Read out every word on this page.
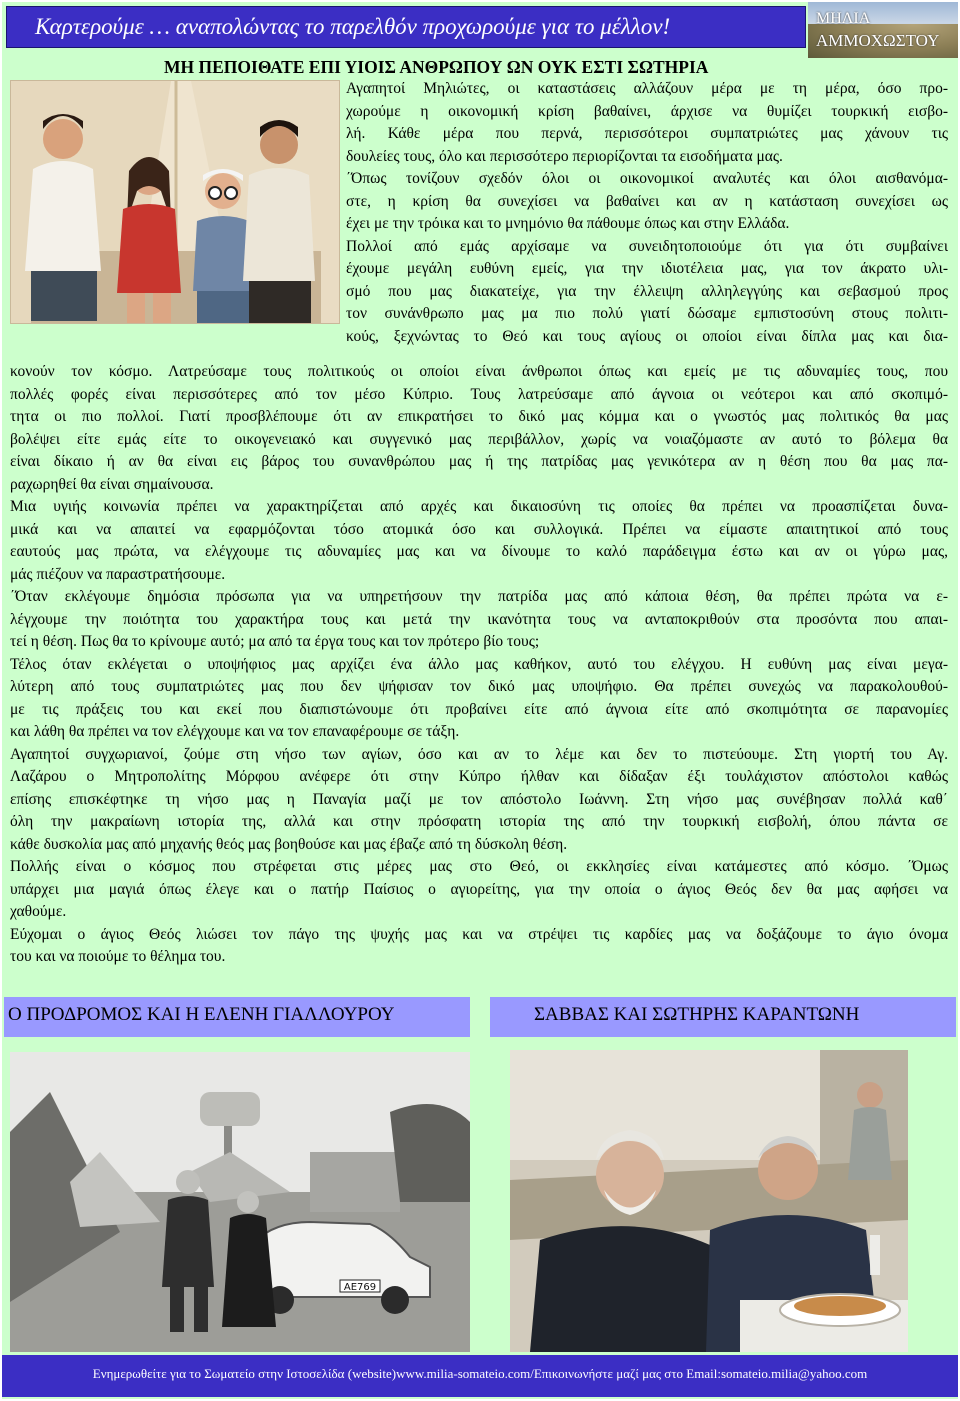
Καρτερούμε … αναπολώντας το παρελθόν προχωρούμε για το μέλλον!	ΜΗΛΙΑ
ΑΜΜΟΧΩΣΤΟΥ
ΜΗ ΠΕΠΟΙΘΑΤΕ ΕΠΙ ΥΙΟΙΣ ΑΝΘΡΩΠΟΥ ΩΝ ΟΥΚ ΕΣΤΙ ΣΩΤΗΡΙΑ
Αγαπητοί Μηλιώτες, οι καταστάσεις αλλάζουν μέρα με τη μέρα, όσο προ-
χωρούμε η οικονομική κρίση βαθαίνει, άρχισε να θυμίζει τουρκική εισβο-
λή. Κάθε μέρα που περνά, περισσότεροι συμπατριώτες μας χάνουν τις
δουλείες τους, όλο και περισσότερο περιορίζονται τα εισοδήματα μας.
΄Όπως τονίζουν σχεδόν όλοι οι οικονομικοί αναλυτές και όλοι αισθανόμα-
στε, η κρίση θα συνεχίσει να βαθαίνει και αν η κατάσταση συνεχίσει ως
έχει με την τρόικα και το μνημόνιο θα πάθουμε όπως και στην Ελλάδα.
Πολλοί από εμάς αρχίσαμε να συνειδητοποιούμε ότι για ότι συμβαίνει
έχουμε μεγάλη ευθύνη εμείς, για την ιδιοτέλεια μας, για τον άκρατο υλι-
σμό που μας διακατείχε, για την έλλειψη αλληλεγγύης και σεβασμού προς
τον συνάνθρωπο μας μα πιο πολύ γιατί δώσαμε εμπιστοσύνη στους πολιτι-
κούς, ξεχνώντας το Θεό και τους αγίους οι οποίοι είναι δίπλα μας και δια-
κονούν τον κόσμο. Λατρεύσαμε τους πολιτικούς οι οποίοι είναι άνθρωποι όπως και εμείς με τις αδυναμίες τους, που
πολλές φορές είναι περισσότερες από τον μέσο Κύπριο. Τους λατρεύσαμε από άγνοια οι νεότεροι και από σκοπιμό-
τητα οι πιο πολλοί. Γιατί προσβλέπουμε ότι αν επικρατήσει το δικό μας κόμμα και ο γνωστός μας πολιτικός θα μας
βολέψει είτε εμάς είτε το οικογενειακό και συγγενικό μας περιβάλλον, χωρίς να νοιαζόμαστε αν αυτό το βόλεμα θα
είναι δίκαιο ή αν θα είναι εις βάρος του συνανθρώπου μας ή της πατρίδας μας γενικότερα αν η θέση που θα μας πα-
ραχωρηθεί θα είναι σημαίνουσα.
Μια υγιής κοινωνία πρέπει να χαρακτηρίζεται από αρχές και δικαιοσύνη τις οποίες θα πρέπει να προασπίζεται δυνα-
μικά και να απαιτεί να εφαρμόζονται τόσο ατομικά όσο και συλλογικά. Πρέπει να είμαστε απαιτητικοί από τους
εαυτούς μας πρώτα, να ελέγχουμε τις αδυναμίες μας και να δίνουμε το καλό παράδειγμα έστω και αν οι γύρω μας,
μάς πιέζουν να παραστρατήσουμε.
΄Όταν εκλέγουμε δημόσια πρόσωπα για να υπηρετήσουν την πατρίδα μας από κάποια θέση, θα πρέπει πρώτα να ε-
λέγχουμε την ποιότητα του χαρακτήρα τους και μετά την ικανότητα τους να ανταποκριθούν στα προσόντα που απαι-
τεί η θέση. Πως θα το κρίνουμε αυτό; μα από τα έργα τους και τον πρότερο βίο τους;
Τέλος όταν εκλέγεται ο υποψήφιος μας αρχίζει ένα άλλο μας καθήκον, αυτό του ελέγχου. Η ευθύνη μας είναι μεγα-
λύτερη από τους συμπατριώτες μας που δεν ψήφισαν τον δικό μας υποψήφιο. Θα πρέπει συνεχώς να παρακολουθού-
με τις πράξεις του και εκεί που διαπιστώνουμε ότι προβαίνει είτε από άγνοια είτε από σκοπιμότητα σε παρανομίες
και λάθη θα πρέπει να τον ελέγχουμε και να τον επαναφέρουμε σε τάξη.
Αγαπητοί συγχωριανοί, ζούμε στη νήσο των αγίων, όσο και αν το λέμε και δεν το πιστεύουμε. Στη γιορτή του Αγ.
Λαζάρου ο Μητροπολίτης Μόρφου ανέφερε ότι στην Κύπρο ήλθαν και δίδαξαν έξι τουλάχιστον απόστολοι καθώς
επίσης επισκέφτηκε τη νήσο μας η Παναγία μαζί με τον απόστολο Ιωάννη. Στη νήσο μας συνέβησαν πολλά καθ΄
όλη την μακραίωνη ιστορία της, αλλά και στην πρόσφατη ιστορία της από την τουρκική εισβολή, όπου πάντα σε
κάθε δυσκολία μας από μηχανής θεός μας βοηθούσε και μας έβαζε από τη δύσκολη θέση.
Πολλής είναι ο κόσμος που στρέφεται στις μέρες μας στο Θεό, οι εκκλησίες είναι κατάμεστες από κόσμο. ΄Όμως
υπάρχει μια μαγιά όπως έλεγε και ο πατήρ Παίσιος ο αγιορείτης, για την οποία ο άγιος Θεός δεν θα μας αφήσει να
χαθούμε.
Εύχομαι ο άγιος Θεός λιώσει τον πάγο της ψυχής μας και να στρέψει τις καρδίες μας να δοξάζουμε το άγιο όνομα
του και να ποιούμε το θέλημα του.
Ο ΠΡΟΔΡΟΜΟΣ ΚΑΙ Η ΕΛΕΝΗ ΓΙΑΛΛΟΥΡΟΥ	ΣΑΒΒΑΣ ΚΑΙ ΣΩΤΗΡΗΣ ΚΑΡΑΝΤΩΝΗ
ΑΕ769
Ενημερωθείτε για το Σωματείο στην Ιστοσελίδα (website)www.milia-somateio.com/Επικοινωνήστε μαζί μας στο Email:somateio.milia@yahoo.com
